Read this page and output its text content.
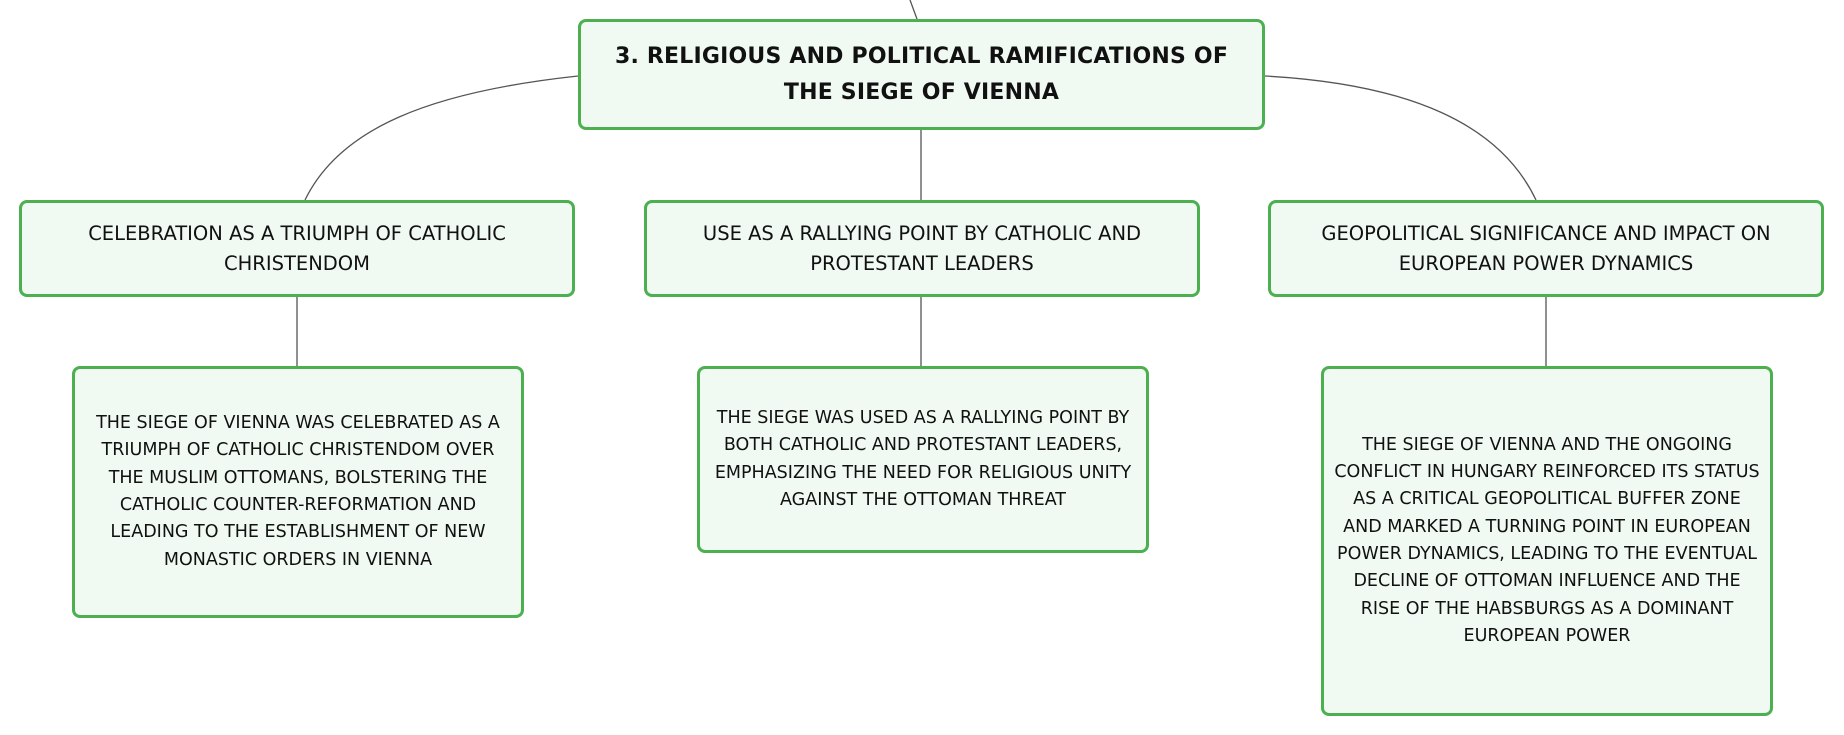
3. RELIGIOUS AND POLITICAL RAMIFICATIONS OF THE SIEGE OF VIENNA
CELEBRATION AS A TRIUMPH OF CATHOLIC CHRISTENDOM
USE AS A RALLYING POINT BY CATHOLIC AND PROTESTANT LEADERS
GEOPOLITICAL SIGNIFICANCE AND IMPACT ON EUROPEAN POWER DYNAMICS
THE SIEGE OF VIENNA WAS CELEBRATED AS A TRIUMPH OF CATHOLIC CHRISTENDOM OVER THE MUSLIM OTTOMANS, BOLSTERING THE CATHOLIC COUNTER-REFORMATION AND LEADING TO THE ESTABLISHMENT OF NEW MONASTIC ORDERS IN VIENNA
THE SIEGE WAS USED AS A RALLYING POINT BY BOTH CATHOLIC AND PROTESTANT LEADERS, EMPHASIZING THE NEED FOR RELIGIOUS UNITY AGAINST THE OTTOMAN THREAT
THE SIEGE OF VIENNA AND THE ONGOING CONFLICT IN HUNGARY REINFORCED ITS STATUS AS A CRITICAL GEOPOLITICAL BUFFER ZONE AND MARKED A TURNING POINT IN EUROPEAN POWER DYNAMICS, LEADING TO THE EVENTUAL DECLINE OF OTTOMAN INFLUENCE AND THE RISE OF THE HABSBURGS AS A DOMINANT EUROPEAN POWER
